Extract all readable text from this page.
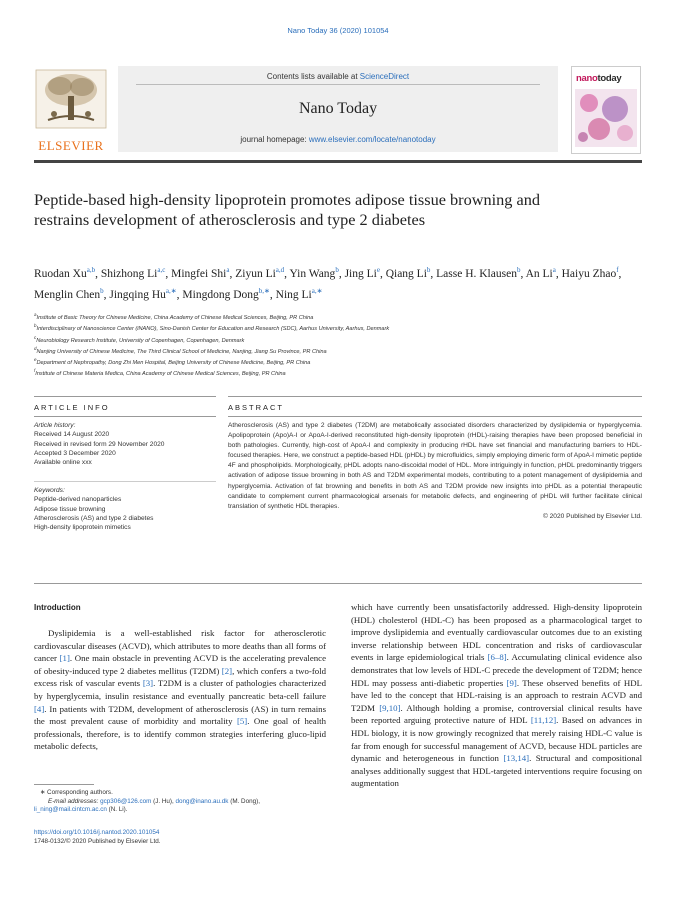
Nano Today 36 (2020) 101054
ELSEVIER
Contents lists available at ScienceDirect
Nano Today
journal homepage: www.elsevier.com/locate/nanotoday
nanotoday
Peptide-based high-density lipoprotein promotes adipose tissue browning and restrains development of atherosclerosis and type 2 diabetes
Ruodan Xu$^{a,b}$, Shizhong Li$^{a,c}$, Mingfei Shi$^a$, Ziyun Li$^{a,d}$, Yin Wang$^b$, Jing Li$^e$, Qiang Li$^b$, Lasse H. Klausen$^b$, An Li$^a$, Haiyu Zhao$^f$, Menglin Chen$^b$, Jingqing $Hu^{a,∗}$, Mingdong Dong$^{b,∗}$, Ning $Li^{a,∗}$
$^a$Institute of Basic Theory for Chinese Medicine, China Academy of Chinese Medical Sciences, Beijing, PR China
$^b$Interdisciplinary of Nanoscience Center (iNANO), Sino-Danish Center for Education and Research (SDC), Aarhus University, Aarhus, Denmark
$^c$Neurobiology Research Institute, University of Copenhagen, Copenhagen, Denmark
$^d$Nanjing University of Chinese Medicine, The Third Clinical School of Medicine, Nanjing, Jiang Su Province, PR China
$^e$Department of Nephropathy, Dong Zhi Men Hospital, Beijing University of Chinese Medicine, Beijing, PR China
$^f$Institute of Chinese Materia Medica, China Academy of Chinese Medical Sciences, Beijing, PR China
ARTICLE INFO	ABSTRACT
Article history:
Received 14 August 2020
Received in revised form 29 November 2020
Accepted 3 December 2020
Available online xxx
Keywords:
Peptide-derived nanoparticles
Adipose tissue browning
Atherosclerosis (AS) and type 2 diabetes
High-density lipoprotein mimetics

Atherosclerosis (AS) and type 2 diabetes (T2DM) are metabolically associated disorders characterized by dyslipidemia or hyperglycemia. Apolipoprotein (Apo)A-I or ApoA-I-derived reconstituted high-density lipoprotein (rHDL)-raising therapies have been proposed beneficial in both pathologies. Currently, high-cost of ApoA-I and complexity in producing rHDL have set financial and manufacturing barriers to HDL-focused therapies. Here, we construct a peptide-based HDL (pHDL) by microfluidics, simply employing dimeric form of ApoA-I mimetic peptide 4F and phospholipids. Morphologically, pHDL adopts nano-discoidal model of HDL. More intriguingly in function, pHDL predominantly triggers activation of adipose tissue browning in both AS and T2DM experimental models, contributing to a potent management of dyslipidemia and hyperglycemia. Activation of fat browning and benefits in both AS and T2DM provide new insights into pHDL as a potential therapeutic candidate to complement current pharmacological arsenals for metabolic defects, and engineering of pHDL will further facilitate clinical translation of synthetic HDL therapies.

© 2020 Published by Elsevier Ltd.

Introduction

Dyslipidemia is a well-established risk factor for atherosclerotic cardiovascular diseases (ACVD), which attributes to more deaths than all forms of cancer [1]. One main obstacle in preventing ACVD is the accelerating prevalence of obesity-induced type 2 diabetes mellitus (T2DM) [2], which confers a two-fold excess risk of vascular events [3]. T2DM is a cluster of pathologies characterized by hyperglycemia, insulin resistance and eventually pancreatic beta-cell failure [4]. In patients with T2DM, development of atherosclerosis (AS) in turn remains the most prevalent cause of morbidity and mortality [5]. One goal of health professionals, therefore, is to identify common strategies interfering gluco-lipid metabolic defects,

which have currently been unsatisfactorily addressed. High-density lipoprotein (HDL) cholesterol (HDL-C) has been proposed as a pharmacological target to improve dyslipidemia and eventually cardiovascular outcomes due to an existing inverse relationship between HDL concentration and risks of cardiovascular events in large epidemiological trials [6–8]. Accumulating clinical evidence also demonstrates that low levels of HDL-C precede the development of T2DM; hence HDL may possess anti-diabetic properties [9]. These observed benefits of HDL have led to the concept that HDL-raising is an approach to restrain ACVD and T2DM [9,10]. Although holding a promise, controversial clinical results have been reported arguing protective nature of HDL [11,12]. Based on advances in HDL biology, it is now growingly recognized that merely raising HDL-C value is far from enough for successful management of ACVD, because HDL particles are dynamic and heterogeneous in function [13,14]. Structural and compositional analyses additionally suggest that HDL-targeted interventions require focusing on augmentation

∗ Corresponding authors.
E-mail addresses: gcp306@126.com (J. Hu), dong@inano.au.dk (M. Dong),
li_ning@mail.cintcm.ac.cn (N. Li).
https://doi.org/10.1016/j.nantod.2020.101054
1748-0132/© 2020 Published by Elsevier Ltd.
